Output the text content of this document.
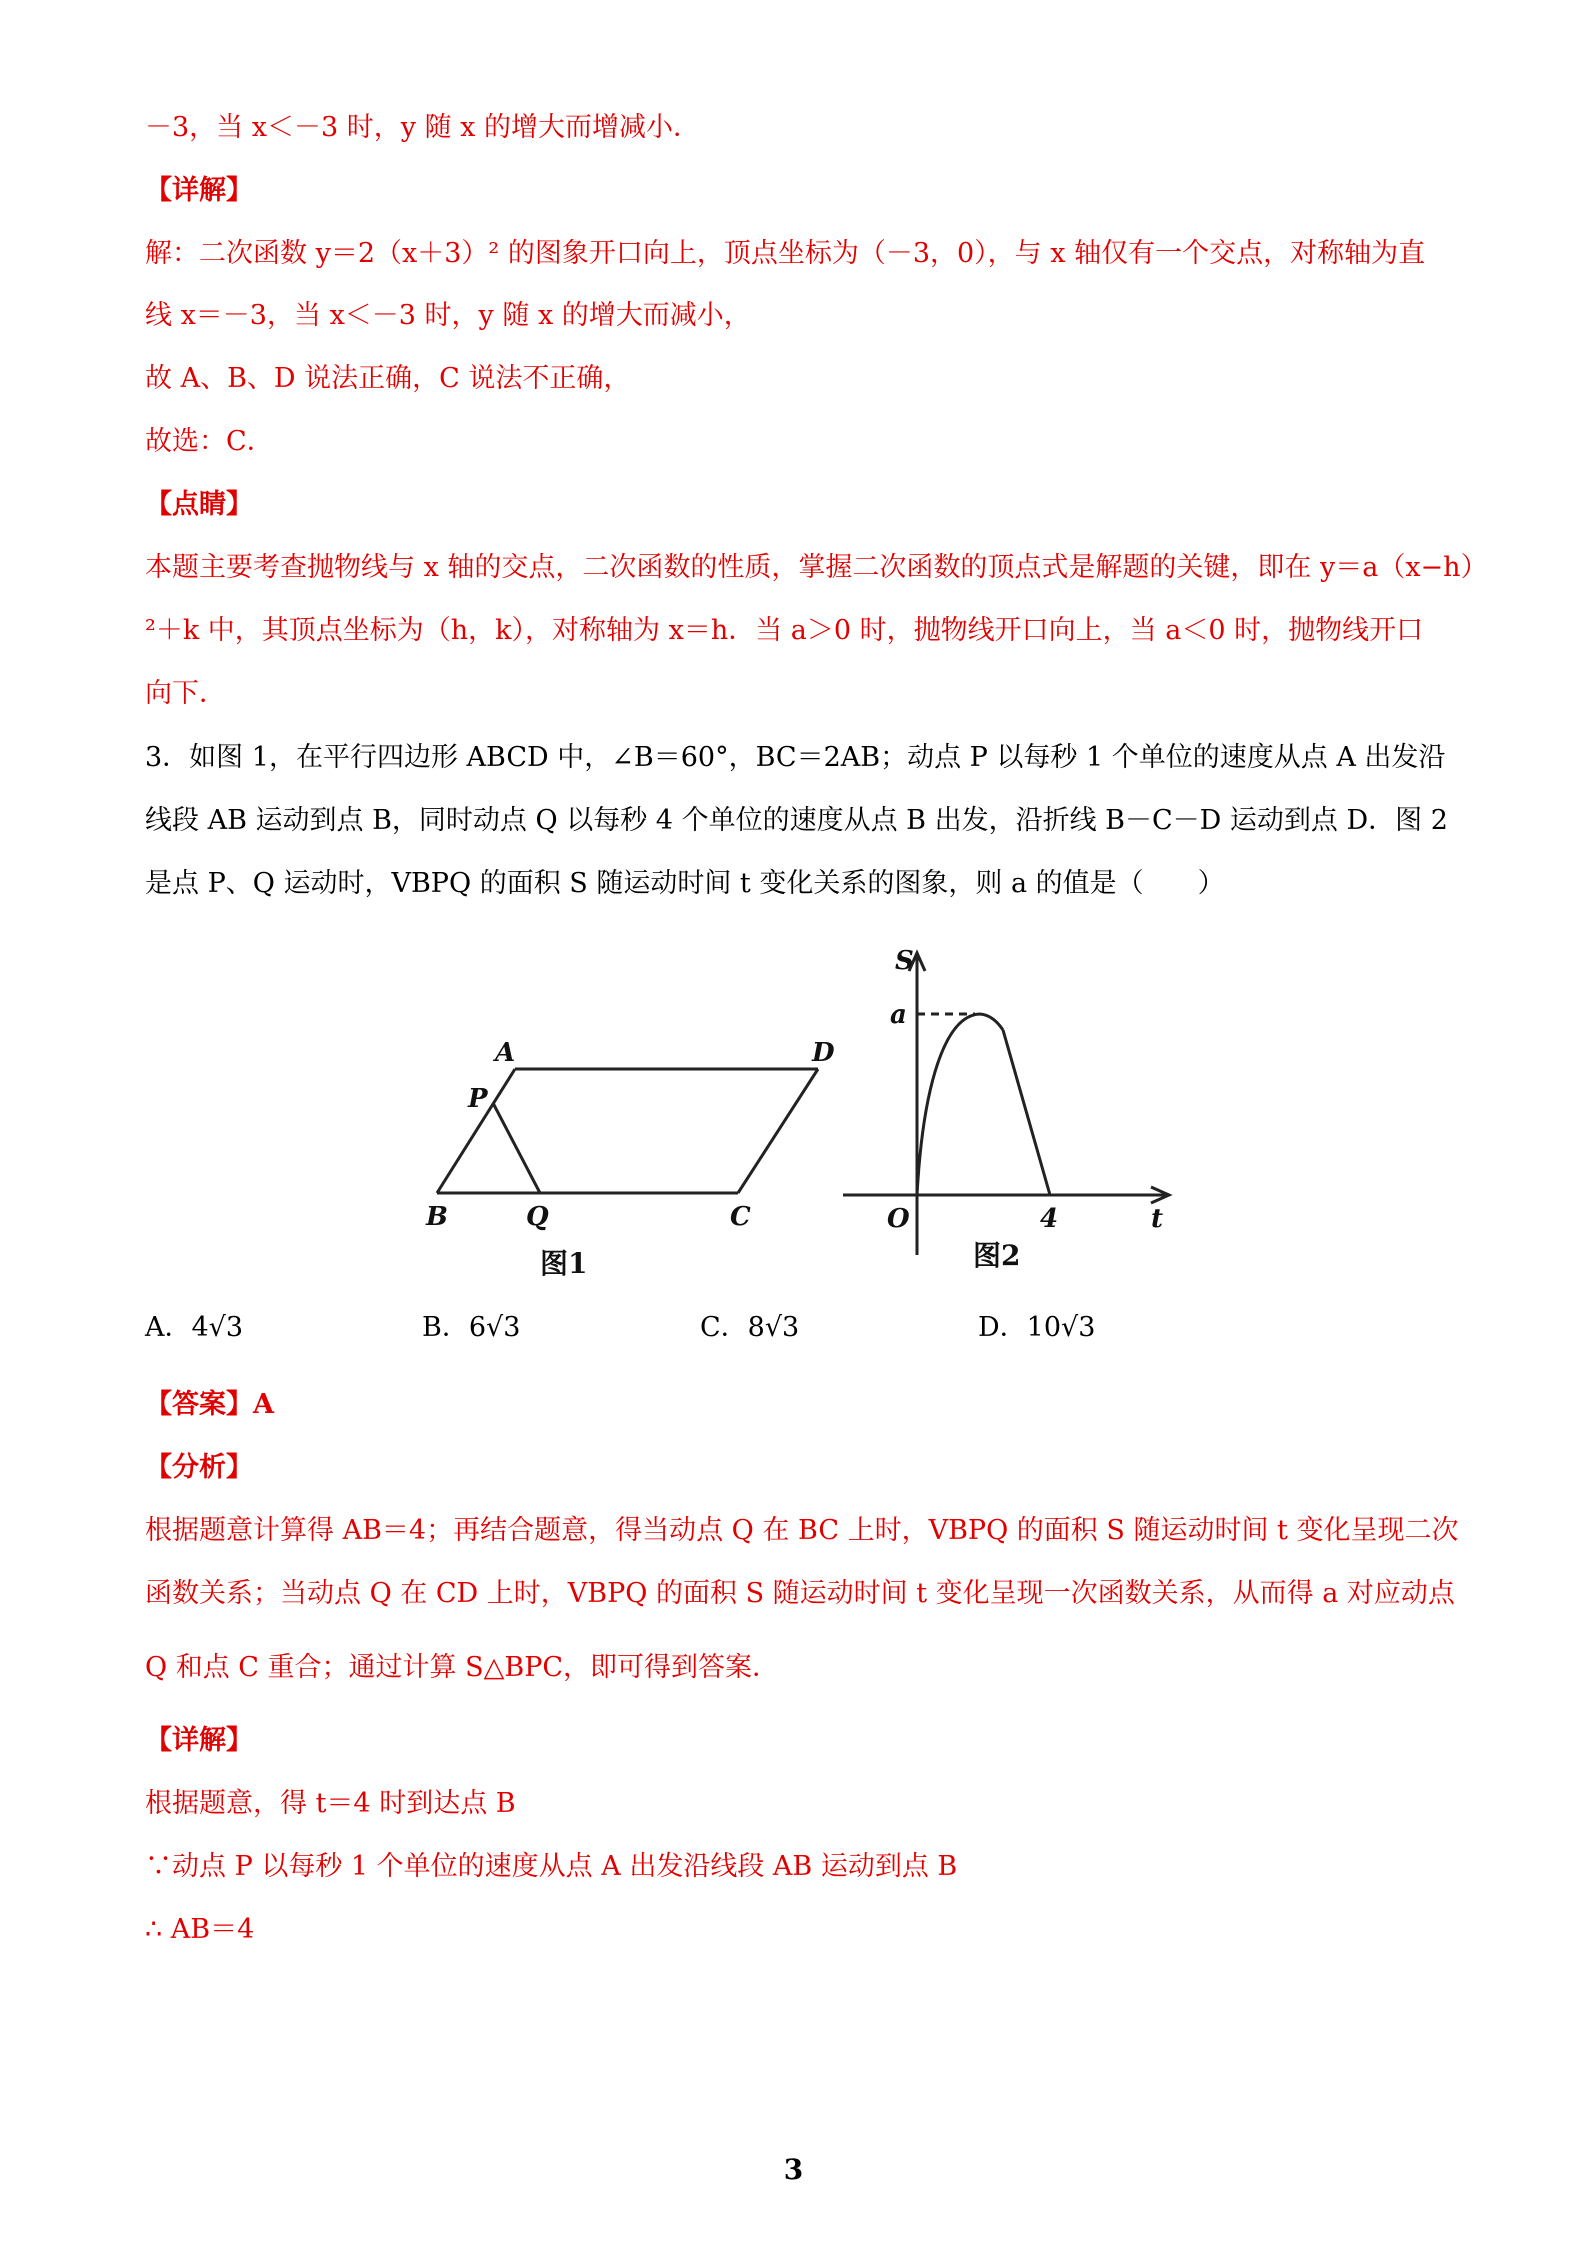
－3，当 x＜－3 时，y 随 x 的增大而增减小．
【详解】
解：二次函数 y＝2（x＋3）² 的图象开口向上，顶点坐标为（－3，0），与 x 轴仅有一个交点，对称轴为直
线 x＝－3，当 x＜－3 时，y 随 x 的增大而减小，
故 A、B、D 说法正确，C 说法不正确，
故选：C．
【点睛】
本题主要考查抛物线与 x 轴的交点，二次函数的性质，掌握二次函数的顶点式是解题的关键，即在 y＝a（x−h）
²＋k 中，其顶点坐标为（h，k），对称轴为 x＝h．当 a＞0 时，抛物线开口向上，当 a＜0 时，抛物线开口
向下．
3．如图 1，在平行四边形 ABCD 中，∠B＝60°，BC＝2AB；动点 P 以每秒 1 个单位的速度从点 A 出发沿
线段 AB 运动到点 B，同时动点 Q 以每秒 4 个单位的速度从点 B 出发，沿折线 B－C－D 运动到点 D．图 2
是点 P、Q 运动时，VBPQ 的面积 S 随运动时间 t 变化关系的图象，则 a 的值是（　　）
A	D
P
B	Q	C
图1
S
a
O	4	t
图2
A．4√3	B．6√3	C．8√3	D．10√3
【答案】A
【分析】
根据题意计算得 AB＝4；再结合题意，得当动点 Q 在 BC 上时，VBPQ 的面积 S 随运动时间 t 变化呈现二次
函数关系；当动点 Q 在 CD 上时，VBPQ 的面积 S 随运动时间 t 变化呈现一次函数关系，从而得 a 对应动点
Q 和点 C 重合；通过计算 S△BPC，即可得到答案．
【详解】
根据题意，得 t＝4 时到达点 B
∵动点 P 以每秒 1 个单位的速度从点 A 出发沿线段 AB 运动到点 B
∴ AB＝4
3
